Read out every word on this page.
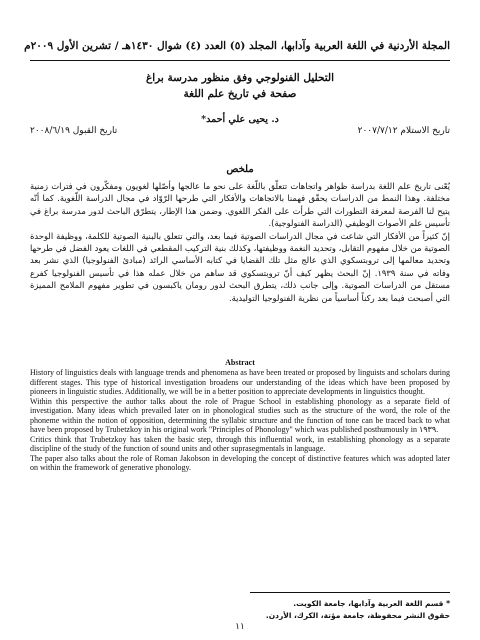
المجلة الأردنية في اللغة العربية وآدابها، المجلد (٥) العدد (٤) شوال ١٤٣٠هـ / تشرين الأول ٢٠٠٩م
التحليل الفنولوجي وفق منظور مدرسة براغ
صفحة في تاريخ علم اللغة
د. يحيى علي أحمد*
تاريخ الاستلام ٢٠٠٧/٧/١٢
تاريخ القبول ٢٠٠٨/٦/١٩
ملخص

يُعْنى تاريخ علم اللغة بدراسة ظواهر واتجاهات تتعلّق باللّغة على نحو ما عالجها وأصّلها لغويون ومفكّرون في فترات زمنية مختلفة. وهذا النمط من الدراسات يحقّق فهمنا بالاتجاهات والأفكار التي طرحها الرّوّاد في مجال الدراسة اللّغوية. كما أنّه يتيح لنا الفرصة لمعرفة التطورات التي طرأت على الفكر اللغوي. وضمن هذا الإطار، يتطرّق الباحث لدور مدرسة براغ في تأسيس علم الأصوات الوظيفي (الدراسة الفنولوجية).

إنّ كثيراً من الأفكار التي شاعت في مجال الدراسات الصوتية فيما بعد، والتي تتعلق بالبنية الصوتية للكلمة، ووظيفة الوحدة الصوتية من خلال مفهوم التقابل، وتحديد النغمة ووظيفتها، وكذلك بنية التركيب المقطعي في اللغات يعود الفضل في طرحها وتحديد معالمها إلى تروبتسكوي الذي عالج مثل تلك القضايا في كتابه الأساسي الرائد (مبادئ الفنولوجيا) الذي نشر بعد وفاته في سنة ١٩٣٩. إنّ البحث يظهر كيف أنّ تروبتسكوي قد ساهم من خلال عمله هذا في تأسيس الفنولوجيا كفرع مستقل من الدراسات الصوتية. وإلى جانب ذلك، يتطرق البحث لدور رومان ياكبسون في تطوير مفهوم الملامح المميزة التي أصبحت فيما بعد ركناً أساسياً من نظرية الفنولوجيا التوليدية.

Abstract

History of linguistics deals with language trends and phenomena as have been treated or proposed by linguists and scholars during different stages. This type of historical investigation broadens our understanding of the ideas which have been proposed by pioneers in linguistic studies. Additionally, we will be in a better position to appreciate developments in linguistics thought.

Within this perspective the author talks about the role of Prague School in establishing phonology as a separate field of investigation. Many ideas which prevailed later on in phonological studies such as the structure of the word, the role of the phoneme within the notion of opposition, determining the syllabic structure and the function of tone can be traced back to what have been proposed by Trubetzkoy in his original work "Principles of Phonology" which was published posthumously in ١٩٣٩.

Critics think that Trubetzkoy has taken the basic step, through this influential work, in establishing phonology as a separate discipline of the study of the function of sound units and other suprasegmentals in language.

The paper also talks about the role of Roman Jakobson in developing the concept of distinctive features which was adopted later on within the framework of generative phonology.

* قسم اللغة العربية وآدابها، جامعة الكويت.
حقوق النشر محفوظة، جامعة مؤتة، الكرك، الأردن.
١١
